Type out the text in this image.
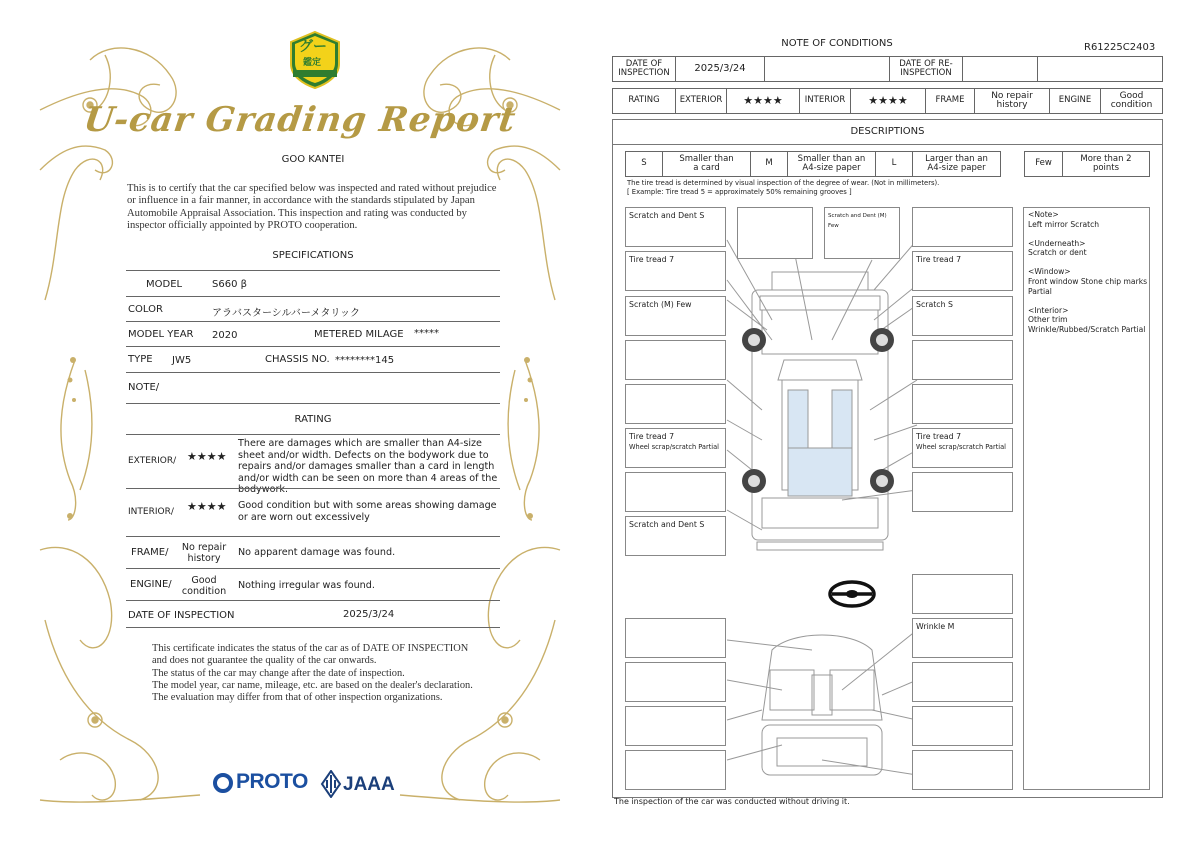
グー
鑑定
U-car Grading Report
GOO KANTEI
This is to certify that the car specified below was inspected and rated without prejudice or influence in a fair manner, in accordance with the standards stipulated by Japan Automobile Appraisal Association. This inspection and rating was conducted by inspector officially appointed by PROTO cooperation.
SPECIFICATIONS
MODEL	S660 β
COLOR	アラバスターシルバーメタリック
MODEL YEAR 2020	METERED MILAGE *****
TYPE JW5	CHASSIS NO. ********145
NOTE/
RATING
EXTERIOR/ ★★★★
There are damages which are smaller than A4-size sheet and/or width. Defects on the bodywork due to repairs and/or damages smaller than a card in length and/or width can be seen on more than 4 areas of the bodywork.
INTERIOR/ ★★★★ Good condition but with some areas showing damage or are worn out excessively
FRAME/	No repair history
No apparent damage was found.
ENGINE/	Good condition
Nothing irregular was found.
DATE OF INSPECTION	2025/3/24
This certificate indicates the status of the car as of DATE OF INSPECTION and does not guarantee the quality of the car onwards.
The status of the car may change after the date of inspection.
The model year, car name, mileage, etc. are based on the dealer's declaration.
The evaluation may differ from that of other inspection organizations.
PROTO JAAA
NOTE OF CONDITIONS	R61225C2403
DATE OF INSPECTION	2025/3/24	DATE OF RE-INSPECTION
RATING	EXTERIOR	★★★★	INTERIOR	★★★★	FRAME	No repair history	ENGINE	Good condition
DESCRIPTIONS
S	Smaller than a card	M	Smaller than an A4-size paper	L	Larger than an A4-size paper	Few	More than 2 points
The tire tread is determined by visual inspection of the degree of wear. (Not in millimeters).
[ Example: Tire tread 5 = approximately 50% remaining grooves ]
Scratch and Dent S
Tire tread 7
Scratch (M) Few
Tire tread 7
Wheel scrap/scratch Partial
Scratch and Dent S
Scratch and Dent (M) Few
Tire tread 7
Scratch S
Tire tread 7
Wheel scrap/scratch Partial
Wrinkle M
<Note>
Left mirror Scratch
<Underneath>
Scratch or dent
<Window>
Front window Stone chip marks Partial
<Interior>
Other trim
Wrinkle/Rubbed/Scratch Partial
The inspection of the car was conducted without driving it.
